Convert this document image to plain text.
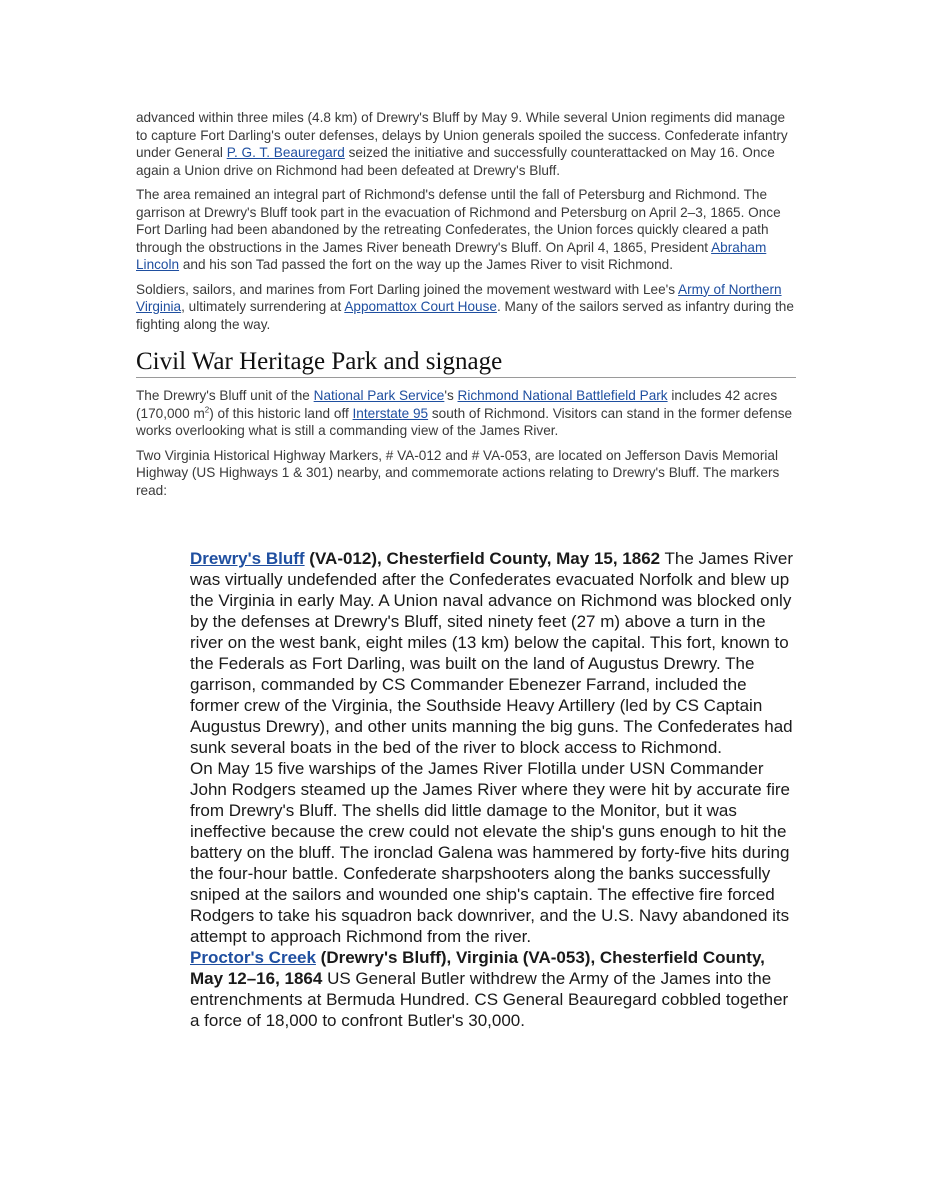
advanced within three miles (4.8 km) of Drewry's Bluff by May 9. While several Union regiments did manage to capture Fort Darling's outer defenses, delays by Union generals spoiled the success. Confederate infantry under General P. G. T. Beauregard seized the initiative and successfully counterattacked on May 16. Once again a Union drive on Richmond had been defeated at Drewry's Bluff.

The area remained an integral part of Richmond's defense until the fall of Petersburg and Richmond. The garrison at Drewry's Bluff took part in the evacuation of Richmond and Petersburg on April 2–3, 1865. Once Fort Darling had been abandoned by the retreating Confederates, the Union forces quickly cleared a path through the obstructions in the James River beneath Drewry's Bluff. On April 4, 1865, President Abraham Lincoln and his son Tad passed the fort on the way up the James River to visit Richmond.

Soldiers, sailors, and marines from Fort Darling joined the movement westward with Lee's Army of Northern Virginia, ultimately surrendering at Appomattox Court House. Many of the sailors served as infantry during the fighting along the way.

Civil War Heritage Park and signage

The Drewry's Bluff unit of the National Park Service's Richmond National Battlefield Park includes 42 acres (170,000 $m^2$) of this historic land off Interstate 95 south of Richmond. Visitors can stand in the former defense works overlooking what is still a commanding view of the James River.

Two Virginia Historical Highway Markers, # VA-012 and # VA-053, are located on Jefferson Davis Memorial Highway (US Highways 1 & 301) nearby, and commemorate actions relating to Drewry's Bluff. The markers read:

Drewry's Bluff (VA-012), Chesterfield County, May 15, 1862 The James River was virtually undefended after the Confederates evacuated Norfolk and blew up the Virginia in early May. A Union naval advance on Richmond was blocked only by the defenses at Drewry's Bluff, sited ninety feet (27 m) above a turn in the river on the west bank, eight miles (13 km) below the capital. This fort, known to the Federals as Fort Darling, was built on the land of Augustus Drewry. The garrison, commanded by CS Commander Ebenezer Farrand, included the former crew of the Virginia, the Southside Heavy Artillery (led by CS Captain Augustus Drewry), and other units manning the big guns. The Confederates had sunk several boats in the bed of the river to block access to Richmond.

On May 15 five warships of the James River Flotilla under USN Commander John Rodgers steamed up the James River where they were hit by accurate fire from Drewry's Bluff. The shells did little damage to the Monitor, but it was ineffective because the crew could not elevate the ship's guns enough to hit the battery on the bluff. The ironclad Galena was hammered by forty-five hits during the four-hour battle. Confederate sharpshooters along the banks successfully sniped at the sailors and wounded one ship's captain. The effective fire forced Rodgers to take his squadron back downriver, and the U.S. Navy abandoned its attempt to approach Richmond from the river.

Proctor's Creek (Drewry's Bluff), Virginia (VA-053), Chesterfield County, May 12–16, 1864 US General Butler withdrew the Army of the James into the entrenchments at Bermuda Hundred. CS General Beauregard cobbled together a force of 18,000 to confront Butler's 30,000.
